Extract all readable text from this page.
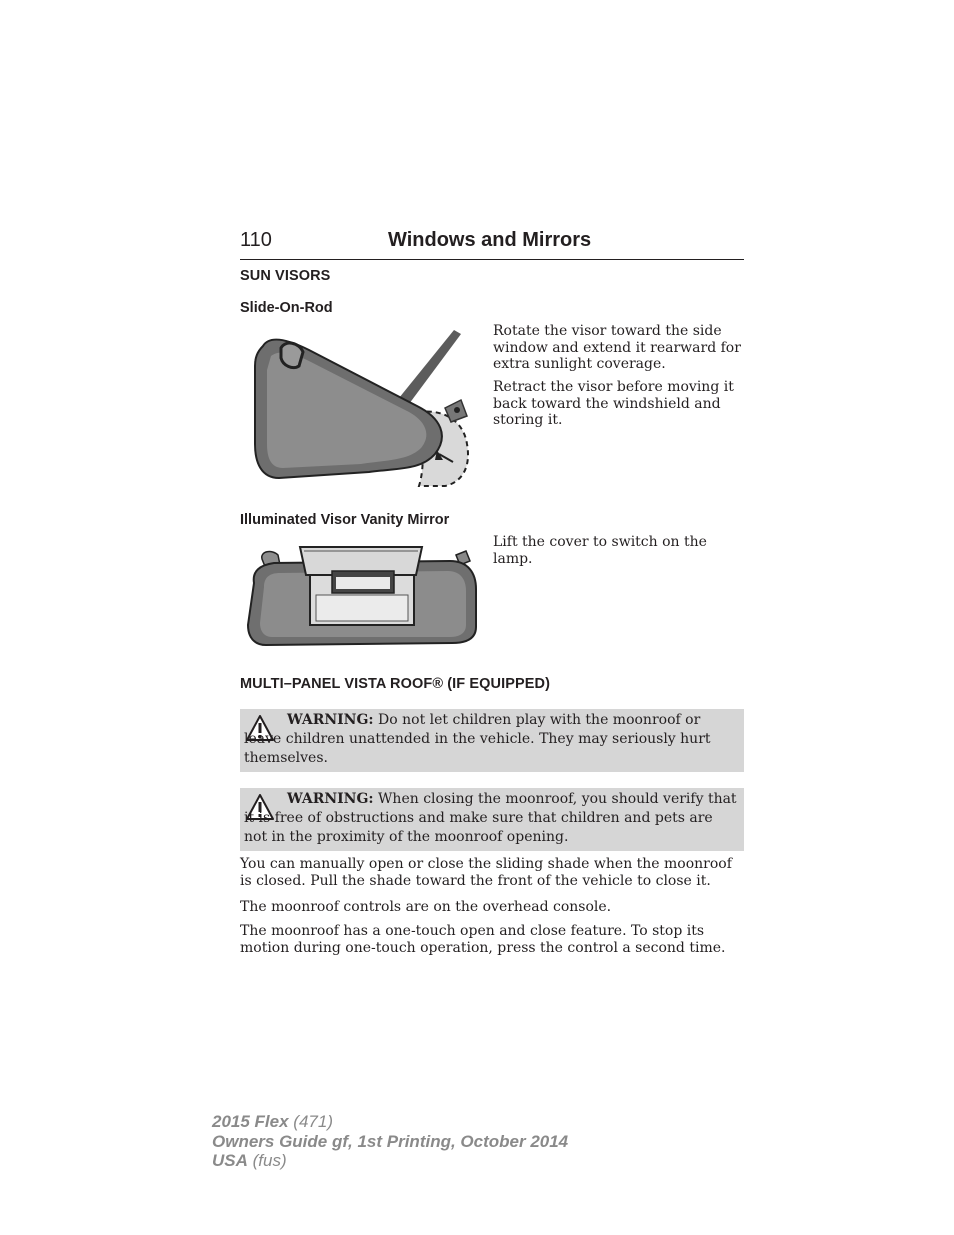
110	Windows and Mirrors
SUN VISORS
Slide-On-Rod

Rotate the visor toward the side window and extend it rearward for extra sunlight coverage.

Retract the visor before moving it back toward the windshield and storing it.

Illuminated Visor Vanity Mirror

Lift the cover to switch on the lamp.

MULTI–PANEL VISTA ROOF® (IF EQUIPPED)

WARNING: Do not let children play with the moonroof or leave children unattended in the vehicle. They may seriously hurt themselves.

WARNING: When closing the moonroof, you should verify that it is free of obstructions and make sure that children and pets are not in the proximity of the moonroof opening.

You can manually open or close the sliding shade when the moonroof is closed. Pull the shade toward the front of the vehicle to close it.

The moonroof controls are on the overhead console.

The moonroof has a one-touch open and close feature. To stop its motion during one-touch operation, press the control a second time.

2015 Flex (471)
Owners Guide gf, 1st Printing, October 2014
USA (fus)
